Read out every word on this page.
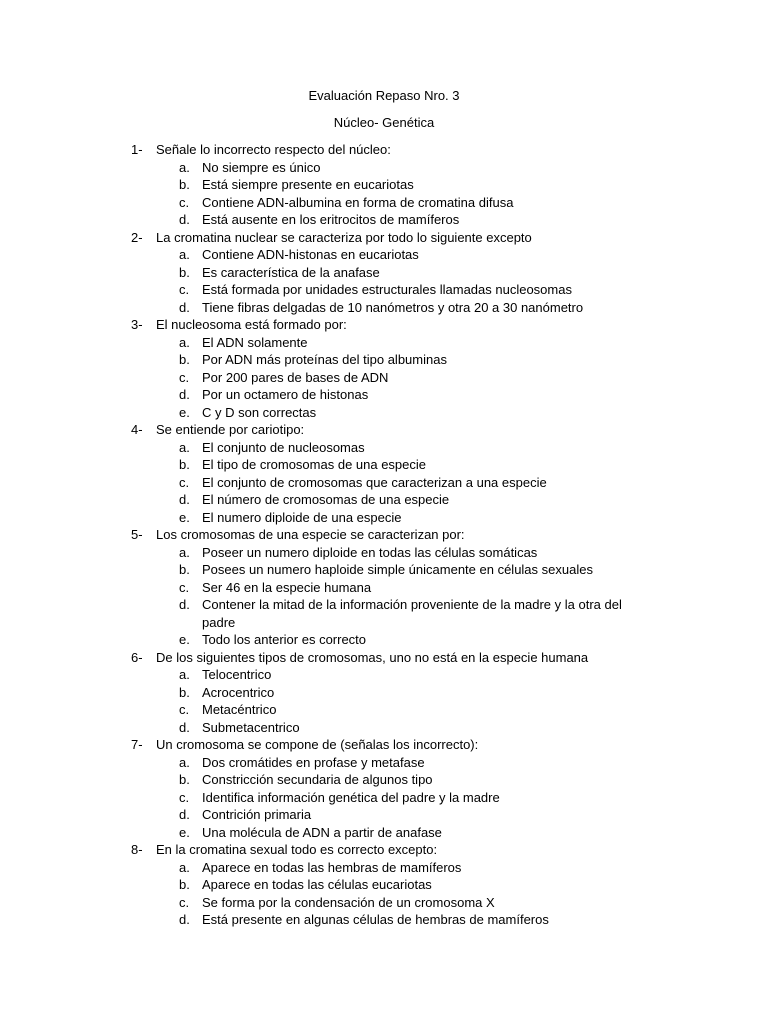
Evaluación Repaso Nro. 3
Núcleo- Genética
1- Señale lo incorrecto respecto del núcleo:
a. No siempre es único
b. Está siempre presente en eucariotas
c. Contiene ADN-albumina en forma de cromatina difusa
d. Está ausente en los eritrocitos de mamíferos
2- La cromatina nuclear se caracteriza por todo lo siguiente excepto
a. Contiene ADN-histonas en eucariotas
b. Es característica de la anafase
c. Está formada por unidades estructurales llamadas nucleosomas
d. Tiene fibras delgadas de 10 nanómetros y otra 20 a 30 nanómetro
3- El nucleosoma está formado por:
a. El ADN solamente
b. Por ADN más proteínas del tipo albuminas
c. Por 200 pares de bases de ADN
d. Por un octamero de histonas
e. C y D son correctas
4- Se entiende por cariotipo:
a. El conjunto de nucleosomas
b. El tipo de cromosomas de una especie
c. El conjunto de cromosomas que caracterizan a una especie
d. El número de cromosomas de una especie
e. El numero diploide de una especie
5- Los cromosomas de una especie se caracterizan por:
a. Poseer un numero diploide en todas las células somáticas
b. Posees un numero haploide simple únicamente en células sexuales
c. Ser 46 en la especie humana
d. Contener la mitad de la información proveniente de la madre y la otra del padre
e. Todo los anterior es correcto
6- De los siguientes tipos de cromosomas, uno no está en la especie humana
a. Telocentrico
b. Acrocentrico
c. Metacéntrico
d. Submetacentrico
7- Un cromosoma se compone de (señalas los incorrecto):
a. Dos cromátides en profase y metafase
b. Constricción secundaria de algunos tipo
c. Identifica información genética del padre y la madre
d. Contrición primaria
e. Una molécula de ADN a partir de anafase
8- En la cromatina sexual todo es correcto excepto:
a. Aparece en todas las hembras de mamíferos
b. Aparece en todas las células eucariotas
c. Se forma por la condensación de un cromosoma X
d. Está presente en algunas células de hembras de mamíferos
